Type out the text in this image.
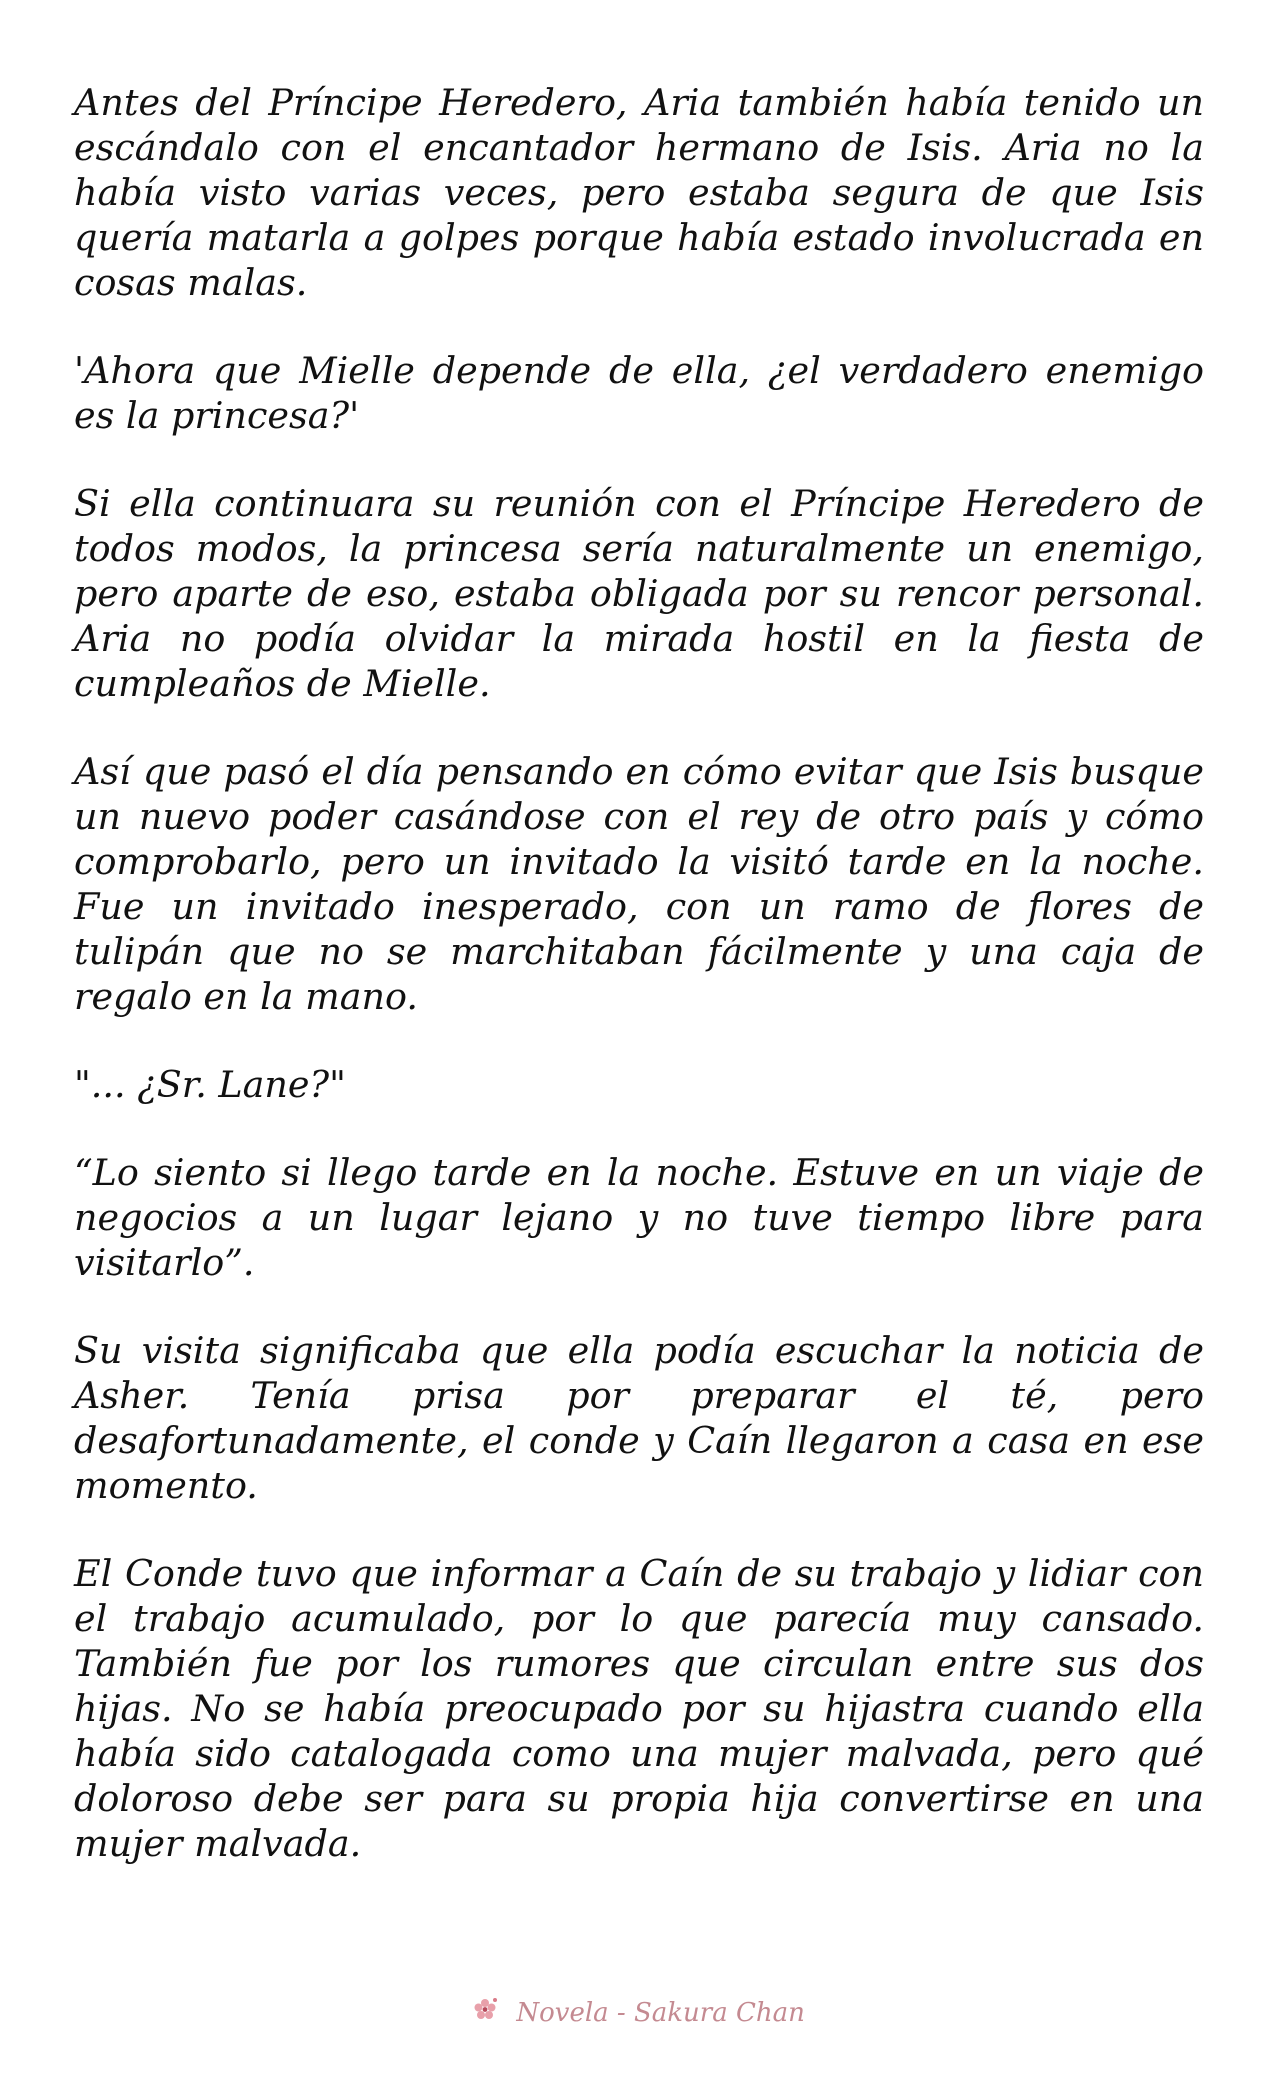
Antes del Príncipe Heredero, Aria también había tenido un escándalo con el encantador hermano de Isis. Aria no la había visto varias veces, pero estaba segura de que Isis quería matarla a golpes porque había estado involucrada en cosas malas.

'Ahora que Mielle depende de ella, ¿el verdadero enemigo es la princesa?'

Si ella continuara su reunión con el Príncipe Heredero de todos modos, la princesa sería naturalmente un enemigo, pero aparte de eso, estaba obligada por su rencor personal. Aria no podía olvidar la mirada hostil en la fiesta de cumpleaños de Mielle.

Así que pasó el día pensando en cómo evitar que Isis busque un nuevo poder casándose con el rey de otro país y cómo comprobarlo, pero un invitado la visitó tarde en la noche. Fue un invitado inesperado, con un ramo de flores de tulipán que no se marchitaban fácilmente y una caja de regalo en la mano.

"... ¿Sr. Lane?"

“Lo siento si llego tarde en la noche. Estuve en un viaje de negocios a un lugar lejano y no tuve tiempo libre para visitarlo”.

Su visita significaba que ella podía escuchar la noticia de Asher. Tenía prisa por preparar el té, pero desafortunadamente, el conde y Caín llegaron a casa en ese momento.

El Conde tuvo que informar a Caín de su trabajo y lidiar con el trabajo acumulado, por lo que parecía muy cansado. También fue por los rumores que circulan entre sus dos hijas. No se había preocupado por su hijastra cuando ella había sido catalogada como una mujer malvada, pero qué doloroso debe ser para su propia hija convertirse en una mujer malvada.

Novela - Sakura Chan
